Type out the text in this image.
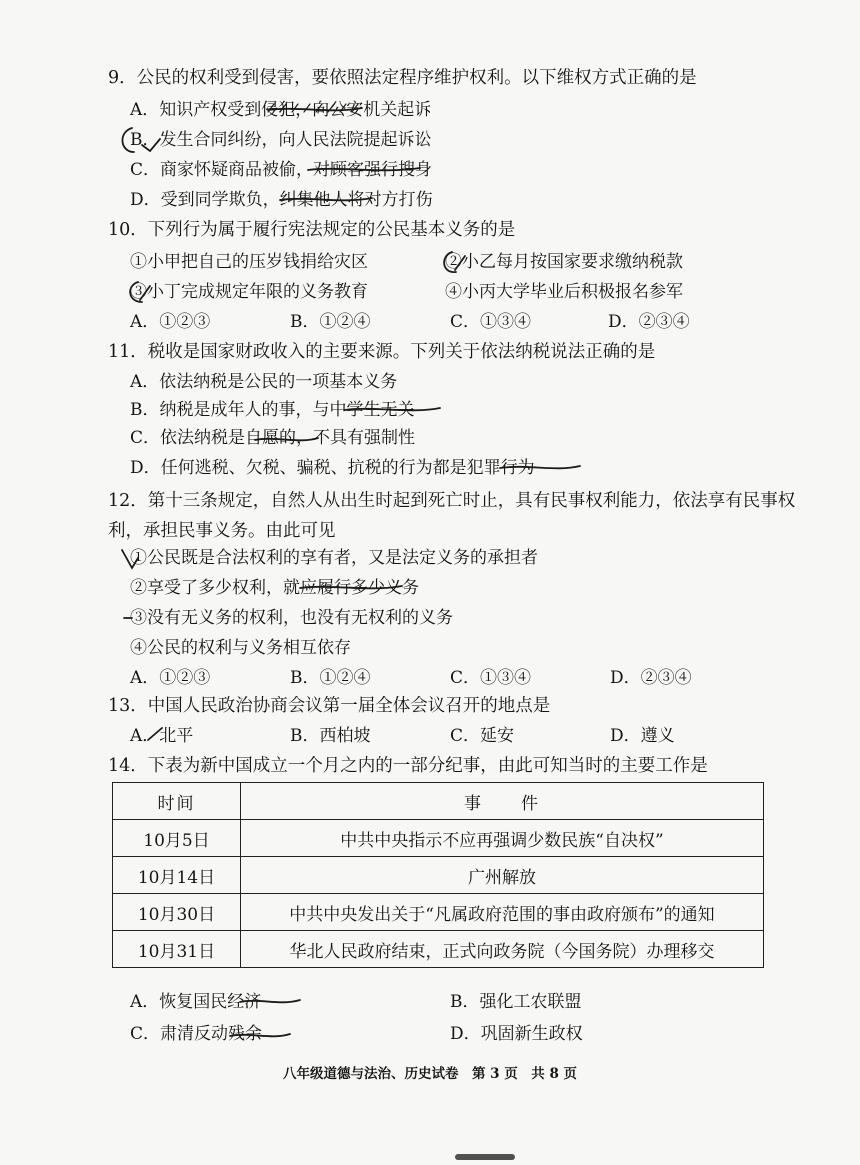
9．公民的权利受到侵害，要依照法定程序维护权利。以下维权方式正确的是
A．知识产权受到侵犯，向公安机关起诉
B．发生合同纠纷，向人民法院提起诉讼
C．商家怀疑商品被偷，对顾客强行搜身
D．受到同学欺负，纠集他人将对方打伤
10．下列行为属于履行宪法规定的公民基本义务的是
①小甲把自己的压岁钱捐给灾区	②小乙每月按国家要求缴纳税款
③小丁完成规定年限的义务教育	④小丙大学毕业后积极报名参军
A．①②③	B．①②④	C．①③④	D．②③④
11．税收是国家财政收入的主要来源。下列关于依法纳税说法正确的是
A．依法纳税是公民的一项基本义务
B．纳税是成年人的事，与中学生无关
C．依法纳税是自愿的，不具有强制性
D．任何逃税、欠税、骗税、抗税的行为都是犯罪行为
12．第十三条规定，自然人从出生时起到死亡时止，具有民事权利能力，依法享有民事权利，承担民事义务。由此可见
①公民既是合法权利的享有者，又是法定义务的承担者
②享受了多少权利，就应履行多少义务
③没有无义务的权利，也没有无权利的义务
④公民的权利与义务相互依存
A．①②③	B．①②④	C．①③④	D．②③④
13．中国人民政治协商会议第一届全体会议召开的地点是
A．北平	B．西柏坡	C．延安	D．遵义
14．下表为新中国成立一个月之内的一部分纪事，由此可知当时的主要工作是
时间	事　　件
10月5日	中共中央指示不应再强调少数民族“自决权”
10月14日	广州解放
10月30日	中共中央发出关于“凡属政府范围的事由政府颁布”的通知
10月31日	华北人民政府结束，正式向政务院（今国务院）办理移交
A．恢复国民经济	B．强化工农联盟
C．肃清反动残余	D．巩固新生政权
八年级道德与法治、历史试卷　第 3 页　共 8 页
